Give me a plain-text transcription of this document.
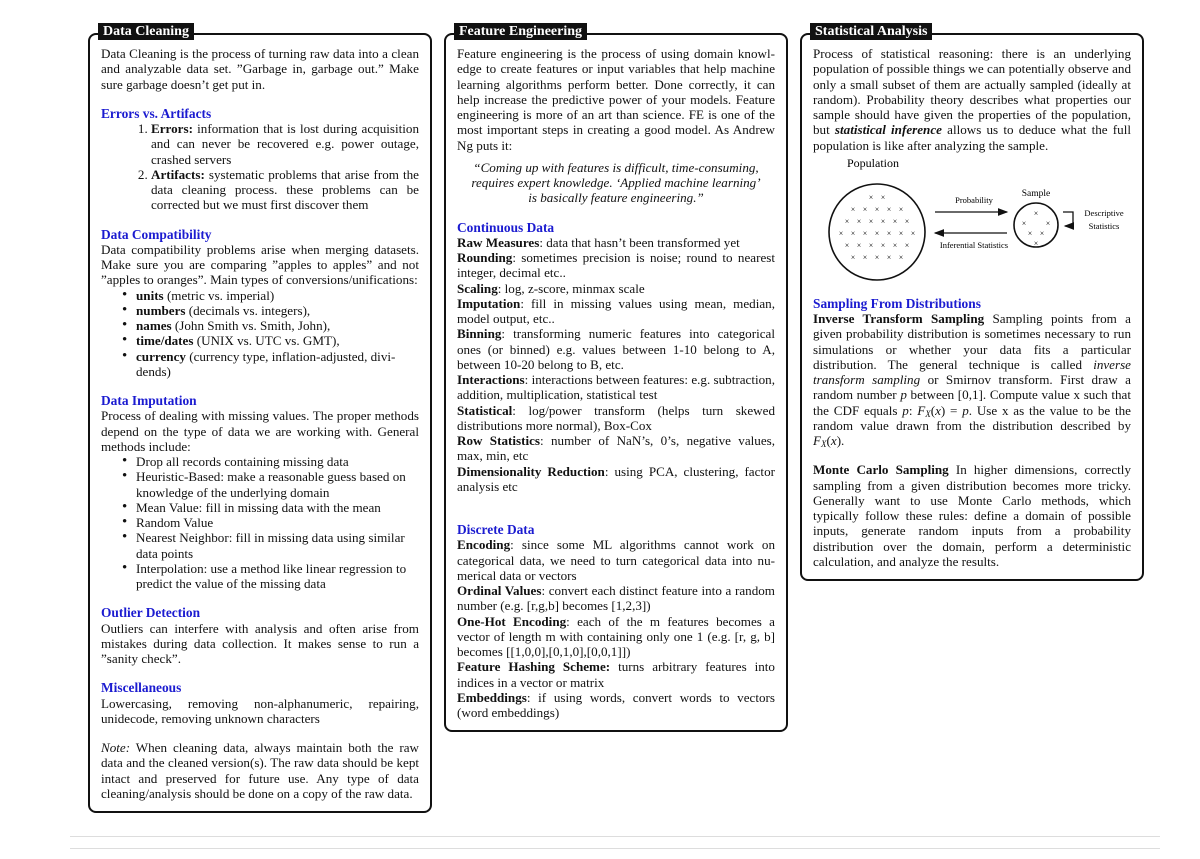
Data Cleaning

Data Cleaning is the process of turning raw data into a clean and analyzable data set. ”Garbage in, garbage out.” Make sure garbage doesn’t get put in.

Errors vs. Artifacts
1. Errors: information that is lost during acquisition and can never be recovered e.g. power outage, crashed servers
2. Artifacts: systematic problems that arise from the data cleaning process. these problems can be corrected but we must first discover them
Data Compatibility

Data compatibility problems arise when merging datasets. Make sure you are comparing ”apples to apples” and not ”apples to oranges”. Main types of conversions/unifications:

• units (metric vs. imperial)
• numbers (decimals vs. integers),
• names (John Smith vs. Smith, John),
• time/dates (UNIX vs. UTC vs. GMT),
• currency (currency type, inflation-adjusted, dividends)
Data Imputation

Process of dealing with missing values. The proper methods depend on the type of data we are working with. General methods include:

• Drop all records containing missing data
• Heuristic-Based: make a reasonable guess based on knowledge of the underlying domain
• Mean Value: fill in missing data with the mean
• Random Value
• Nearest Neighbor: fill in missing data using similar data points
• Interpolation: use a method like linear regression to predict the value of the missing data
Outlier Detection

Outliers can interfere with analysis and often arise from mistakes during data collection. It makes sense to run a ”sanity check”.

Miscellaneous

Lowercasing, removing non-alphanumeric, repairing, unidecode, removing unknown characters

Note: When cleaning data, always maintain both the raw data and the cleaned version(s). The raw data should be kept intact and preserved for future use. Any type of data cleaning/analysis should be done on a copy of the raw data.

Feature Engineering

Feature engineering is the process of using domain knowledge to create features or input variables that help machine learning algorithms perform better. Done correctly, it can help increase the predictive power of your models. Feature engineering is more of an art than science. FE is one of the most important steps in creating a good model. As Andrew Ng puts it:

“Coming up with features is difficult, time-consuming, requires expert knowledge. ‘Applied machine learning’ is basically feature engineering.”
Continuous Data

Raw Measures: data that hasn’t been transformed yet

Rounding: sometimes precision is noise; round to nearest integer, decimal etc..

Scaling: log, z-score, minmax scale

Imputation: fill in missing values using mean, median, model output, etc..

Binning: transforming numeric features into categorical ones (or binned) e.g. values between 1-10 belong to A, between 10-20 belong to B, etc.

Interactions: interactions between features: e.g. subtraction, addition, multiplication, statistical test

Statistical: log/power transform (helps turn skewed distributions more normal), Box-Cox

Row Statistics: number of NaN’s, 0’s, negative values, max, min, etc

Dimensionality Reduction: using PCA, clustering, factor analysis etc

Discrete Data

Encoding: since some ML algorithms cannot work on categorical data, we need to turn categorical data into numerical data or vectors

Ordinal Values: convert each distinct feature into a random number (e.g. [r,g,b] becomes [1,2,3])

One-Hot Encoding: each of the m features becomes a vector of length m with containing only one 1 (e.g. [r, g, b] becomes [[1,0,0],[0,1,0],[0,0,1]])

Feature Hashing Scheme: turns arbitrary features into indices in a vector or matrix

Embeddings: if using words, convert words to vectors (word embeddings)

Statistical Analysis

Process of statistical reasoning: there is an underlying population of possible things we can potentially observe and only a small subset of them are actually sampled (ideally at random). Probability theory describes what properties our sample should have given the properties of the population, but statistical inference allows us to deduce what the full population is like after analyzing the sample.

Population
× ×
× × × × ×
× × × × × ×
× × × × × × ×
× × × × × ×
× × × × ×
Probability
Inferential Statistics
Sample
×
× ×
× ×
×
Descriptive
Statistics
Sampling From Distributions

Inverse Transform Sampling Sampling points from a given probability distribution is sometimes necessary to run simulations or whether your data fits a particular distribution. The general technique is called inverse transform sampling or Smirnov transform. First draw a random number p between [0,1]. Compute value x such that the CDF equals p: $F_X(x) = p$. Use x as the value to be the random value drawn from the distribution described by $F_X(x)$.

Monte Carlo Sampling In higher dimensions, correctly sampling from a given distribution becomes more tricky. Generally want to use Monte Carlo methods, which typically follow these rules: define a domain of possible inputs, generate random inputs from a probability distribution over the domain, perform a deterministic calculation, and analyze the results.
